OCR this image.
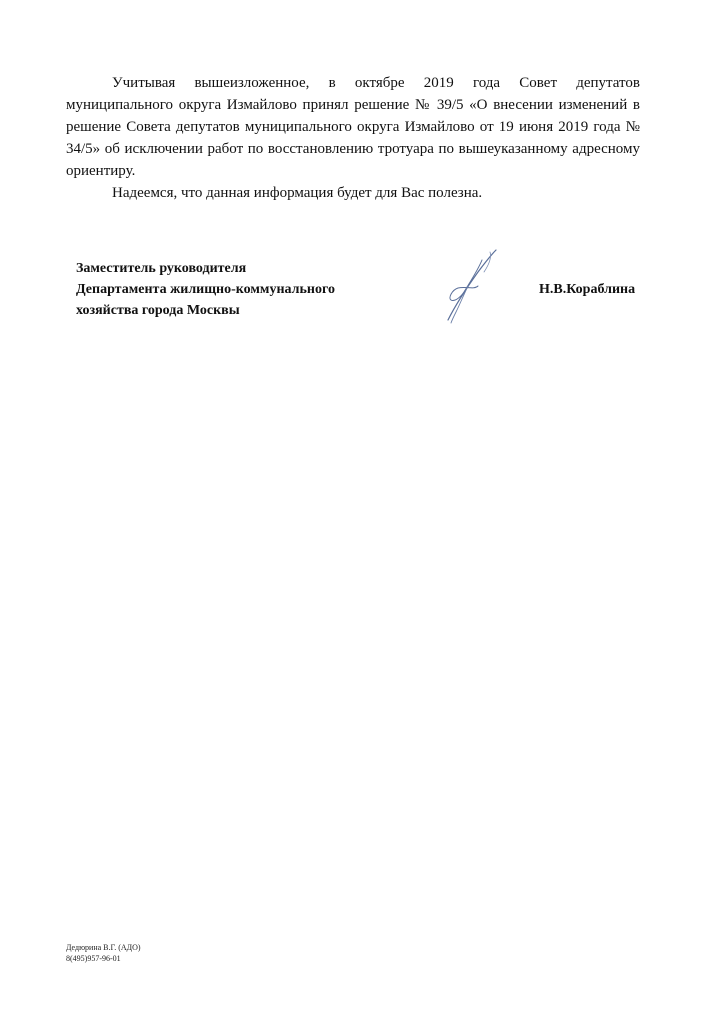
Учитывая вышеизложенное, в октябре 2019 года Совет депутатов муниципального округа Измайлово принял решение № 39/5 «О внесении изменений в решение Совета депутатов муниципального округа Измайлово от 19 июня 2019 года № 34/5» об исключении работ по восстановлению тротуара по вышеуказанному адресному ориентиру.

Надеемся, что данная информация будет для Вас полезна.

Заместитель руководителя
Департамента жилищно-коммунального
хозяйства города Москвы
Н.В.Кораблина
Дедюрина В.Г. (АДО)
8(495)957-96-01
